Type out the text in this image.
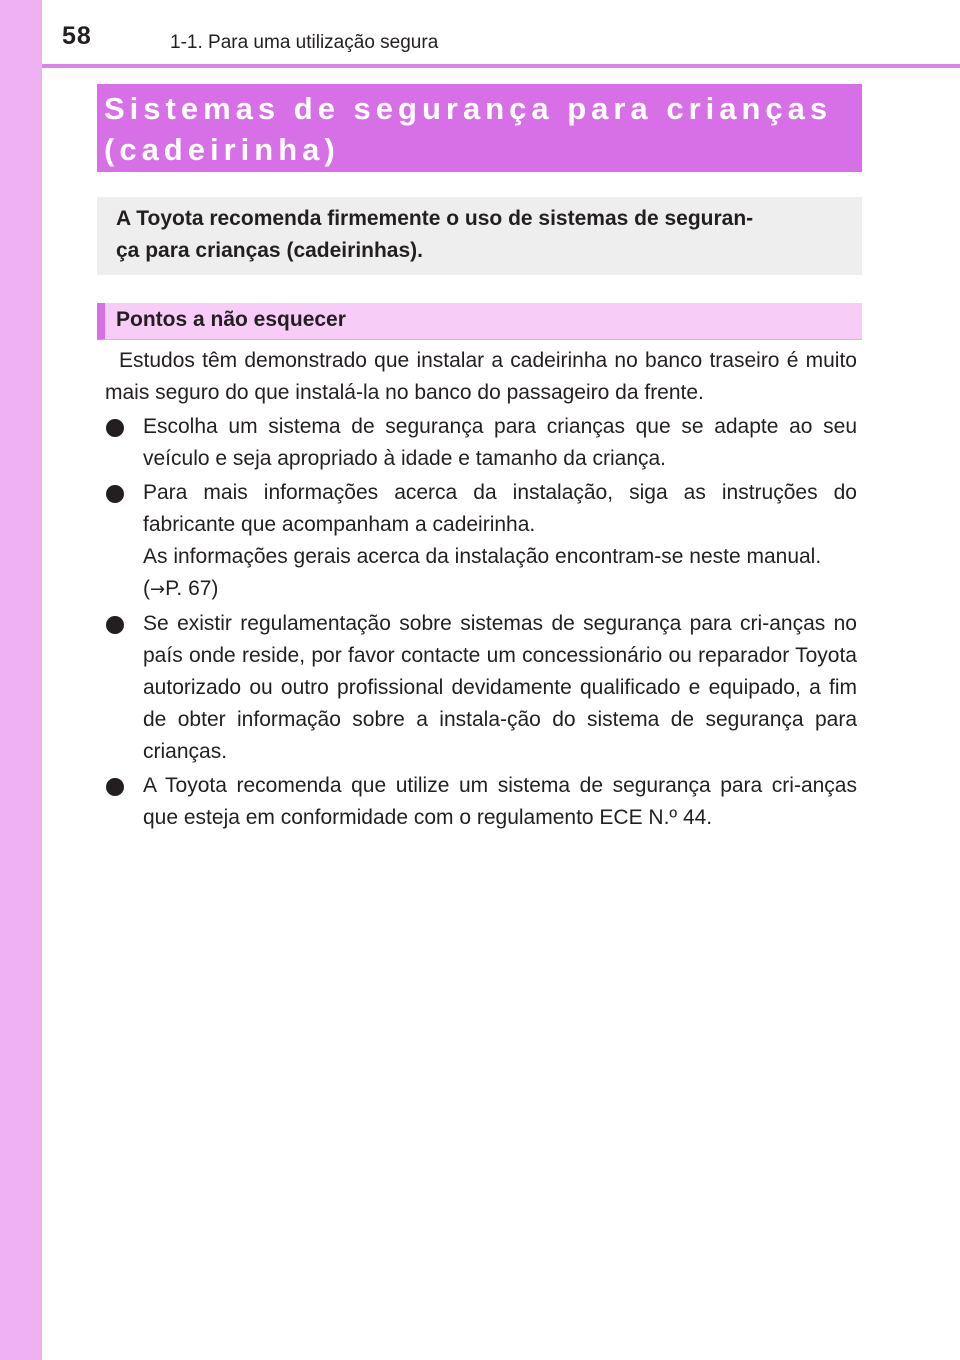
58	1-1. Para uma utilização segura
Sistemas de segurança para crianças (cadeirinha)
A Toyota recomenda firmemente o uso de sistemas de seguran-
ça para crianças (cadeirinhas).
Pontos a não esquecer

Estudos têm demonstrado que instalar a cadeirinha no banco traseiro é muito mais seguro do que instalá-la no banco do passageiro da frente.

Escolha um sistema de segurança para crianças que se adapte ao seu veículo e seja apropriado à idade e tamanho da criança.

Para mais informações acerca da instalação, siga as instruções do fabricante que acompanham a cadeirinha.

As informações gerais acerca da instalação encontram-se neste manual.

(→P. 67)

Se existir regulamentação sobre sistemas de segurança para cri-anças no país onde reside, por favor contacte um concessionário ou reparador Toyota autorizado ou outro profissional devidamente qualificado e equipado, a fim de obter informação sobre a instala-ção do sistema de segurança para crianças.

A Toyota recomenda que utilize um sistema de segurança para cri-anças que esteja em conformidade com o regulamento ECE N.º 44.
